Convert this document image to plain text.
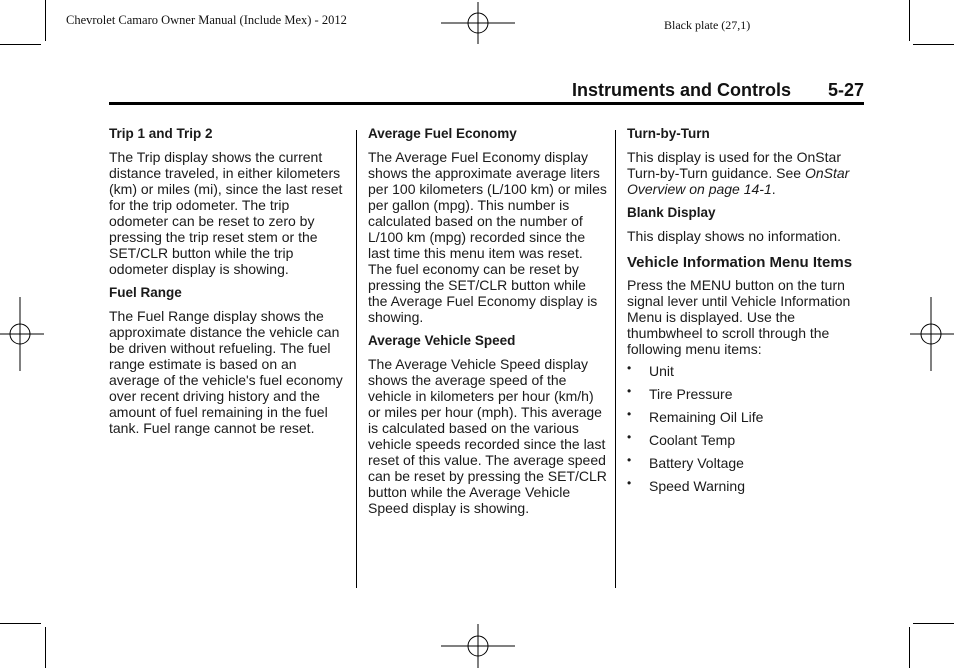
Chevrolet Camaro Owner Manual (Include Mex) - 2012	Black plate (27,1)
Instruments and Controls 5-27
Trip 1 and Trip 2
The Trip display shows the current distance traveled, in either kilometers (km) or miles (mi), since the last reset for the trip odometer. The trip odometer can be reset to zero by pressing the trip reset stem or the SET/CLR button while the trip odometer display is showing.
Fuel Range
The Fuel Range display shows the approximate distance the vehicle can be driven without refueling. The fuel range estimate is based on an average of the vehicle's fuel economy over recent driving history and the amount of fuel remaining in the fuel tank. Fuel range cannot be reset.
Average Fuel Economy
The Average Fuel Economy display shows the approximate average liters per 100 kilometers (L/100 km) or miles per gallon (mpg). This number is calculated based on the number of L/100 km (mpg) recorded since the last time this menu item was reset. The fuel economy can be reset by pressing the SET/CLR button while the Average Fuel Economy display is showing.
Average Vehicle Speed
The Average Vehicle Speed display shows the average speed of the vehicle in kilometers per hour (km/h) or miles per hour (mph). This average is calculated based on the various vehicle speeds recorded since the last reset of this value. The average speed can be reset by pressing the SET/CLR button while the Average Vehicle Speed display is showing.
Turn-by-Turn
This display is used for the OnStar Turn-by-Turn guidance. See OnStar Overview on page 14-1.
Blank Display
This display shows no information.
Vehicle Information Menu Items
Press the MENU button on the turn signal lever until Vehicle Information Menu is displayed. Use the thumbwheel to scroll through the following menu items:
• Unit
• Tire Pressure
• Remaining Oil Life
• Coolant Temp
• Battery Voltage
• Speed Warning
